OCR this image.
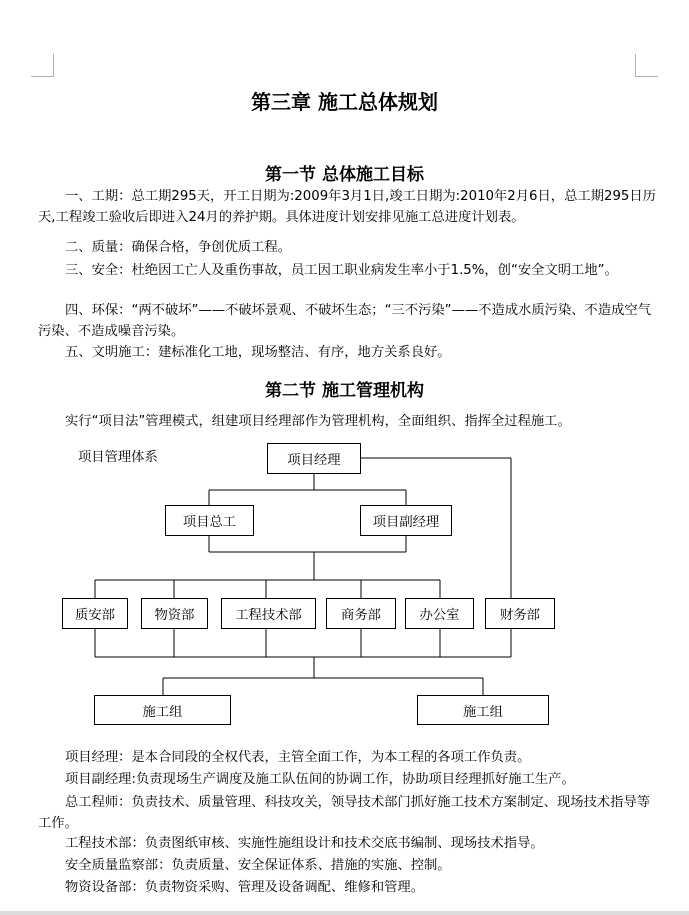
第三章 施工总体规划
第一节 总体施工目标
一、工期：总工期295天，开工日期为:2009年3月1日,竣工日期为:2010年2月6日，总工期295日历天,工程竣工验收后即进入24月的养护期。具体进度计划安排见施工总进度计划表。
二、质量：确保合格，争创优质工程。
三、安全：杜绝因工亡人及重伤事故，员工因工职业病发生率小于1.5%，创“安全文明工地”。
四、环保：“两不破坏”——不破坏景观、不破坏生态；“三不污染”——不造成水质污染、不造成空气污染、不造成噪音污染。
五、文明施工：建标准化工地，现场整洁、有序，地方关系良好。
第二节 施工管理机构
实行“项目法”管理模式，组建项目经理部作为管理机构，全面组织、指挥全过程施工。
项目管理体系	项目经理
项目总工	项目副经理
质安部	物资部	工程技术部	商务部	办公室	财务部
施工组	施工组
项目经理：是本合同段的全权代表，主管全面工作，为本工程的各项工作负责。
项目副经理:负责现场生产调度及施工队伍间的协调工作，协助项目经理抓好施工生产。
总工程师：负责技术、质量管理、科技攻关，领导技术部门抓好施工技术方案制定、现场技术指导等工作。
工程技术部：负责图纸审核、实施性施组设计和技术交底书编制、现场技术指导。
安全质量监察部：负责质量、安全保证体系、措施的实施、控制。
物资设备部：负责物资采购、管理及设备调配、维修和管理。
